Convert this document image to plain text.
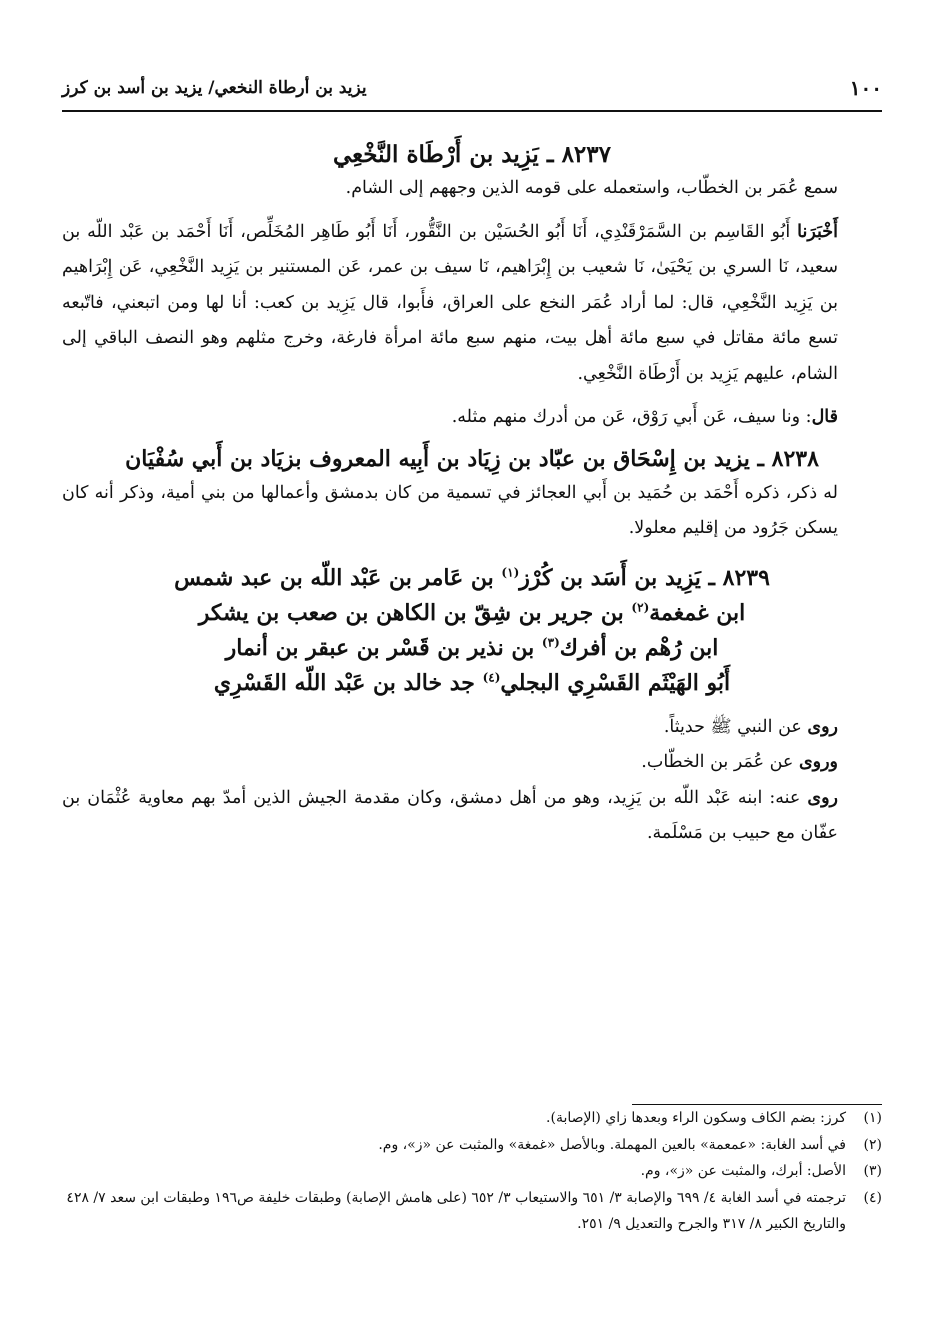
١٠٠
يزيد بن أرطاة النخعي/ يزيد بن أسد بن كرز
٨٢٣٧ ـ يَزِيد بن أَرْطَاة النَّخْعِي

سمع عُمَر بن الخطّاب، واستعمله على قومه الذين وجههم إلى الشام.

أَخْبَرَنا أَبُو القَاسِم بن السَّمَرْقَنْدِي، أَنَا أَبُو الحُسَيْن بن النَّقُّور، أَنَا أَبُو طَاهِر المُخَلِّص، أَنَا أَحْمَد بن عَبْد اللّه بن سعيد، نَا السري بن يَحْيَىٰ، نَا شعيب بن إِبْرَاهيم، نَا سيف بن عمر، عَن المستنير بن يَزِيد النَّخْعِي، عَن إِبْرَاهيم بن يَزِيد النَّخْعِي، قال: لما أراد عُمَر النخع على العراق، فأَبوا، قال يَزِيد بن كعب: أنا لها ومن اتبعني، فاتّبعه تسع مائة مقاتل في سبع مائة أهل بيت، منهم سبع مائة امرأة فارغة، وخرج مثلهم وهو النصف الباقي إلى الشام، عليهم يَزِيد بن أَرْطَاة النَّخْعِي.

قال: ونا سيف، عَن أَبي رَوْق، عَن من أدرك منهم مثله.

٨٢٣٨ ـ يزيد بن إِسْحَاق بن عبّاد بن زِيَاد بن أَبِيه المعروف بزيَاد بن أَبي سُفْيَان

له ذكر، ذكره أَحْمَد بن حُمَيد بن أَبي العجائز في تسمية من كان بدمشق وأعمالها من بني أمية، وذكر أنه كان يسكن جَرُود من إقليم معلولا.

٨٢٣٩ ـ يَزِيد بن أَسَد بن كُرْز$^{(١)}$ بن عَامر بن عَبْد اللّه بن عبد شمس
ابن غمغمة$^{(٢)}$ بن جرير بن شِقّ بن الكاهن بن صعب بن يشكر
ابن رُهْم بن أفرك$^{(٣)}$ بن نذير بن قَسْر بن عبقر بن أنمار
أَبُو الهَيْثَم القَسْرِي البجلي$^{(٤)}$ جد خالد بن عَبْد اللّه القَسْرِي

روى عن النبي ﷺ حديثاً.

وروى عن عُمَر بن الخطّاب.

روى عنه: ابنه عَبْد اللّه بن يَزِيد، وهو من أهل دمشق، وكان مقدمة الجيش الذين أمدّ بهم معاوية عُثْمَان بن عفّان مع حبيب بن مَسْلَمة.

(١)
كرز: بضم الكاف وسكون الراء وبعدها زاي (الإصابة).

(٢)
في أسد الغابة: «عمعمة» بالعين المهملة. وبالأصل «غمغة» والمثبت عن «ز»، وم.

(٣)
الأصل: أبرك، والمثبت عن «ز»، وم.

(٤)
ترجمته في أسد الغابة ٤/ ٦٩٩ والإصابة ٣/ ٦٥١ والاستيعاب ٣/ ٦٥٢ (على هامش الإصابة) وطبقات خليفة ص١٩٦ وطبقات ابن سعد ٧/ ٤٢٨ والتاريخ الكبير ٨/ ٣١٧ والجرح والتعديل ٩/ ٢٥١.
